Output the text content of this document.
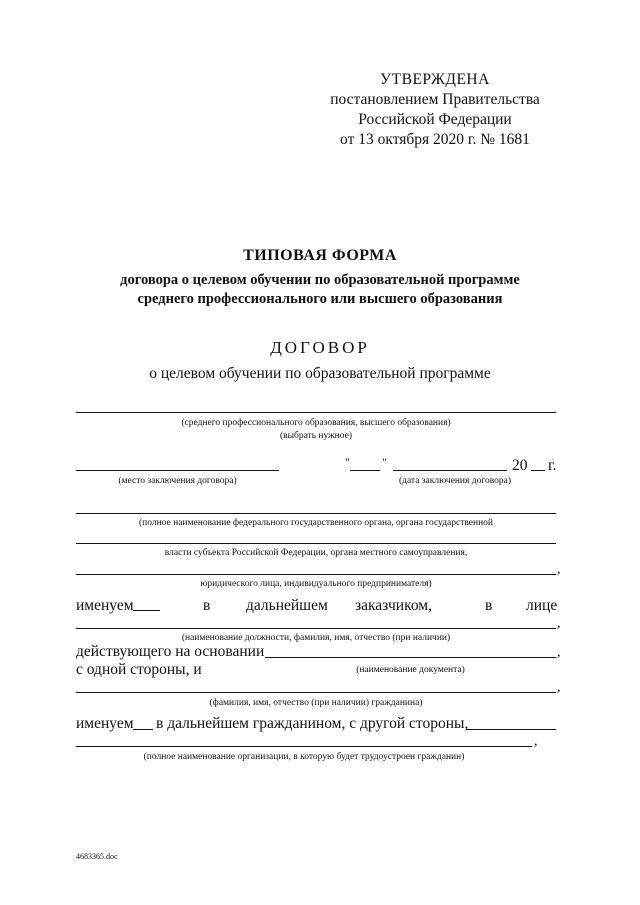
УТВЕРЖДЕНА
постановлением Правительства
Российской Федерации
от 13 октября 2020 г. № 1681
ТИПОВАЯ ФОРМА
договора о целевом обучении по образовательной программе
среднего профессионального или высшего образования
ДОГОВОР
о целевом обучении по образовательной программе
(среднего профессионального образования, высшего образования)
(выбрать нужное)
"	"	20 г.
(место заключения договора)	(дата заключения договора)
(полное наименование федерального государственного органа, органа государственной
власти субъекта Российской Федерации, органа местного самоуправления,
,
юридического лица, индивидуального предпринимателя)
именуем	в дальнейшем заказчиком,	в лице
,
(наименование должности, фамилия, имя, отчество (при наличии)
действующего на основании	,
с одной стороны, и	(наименование документа)
,
(фамилия, имя, отчество (при наличии) гражданина)
именуем в дальнейшем гражданином, с другой стороны,
,
(полное наименование организации, в которую будет трудоустроен гражданин)
4683365.doc
